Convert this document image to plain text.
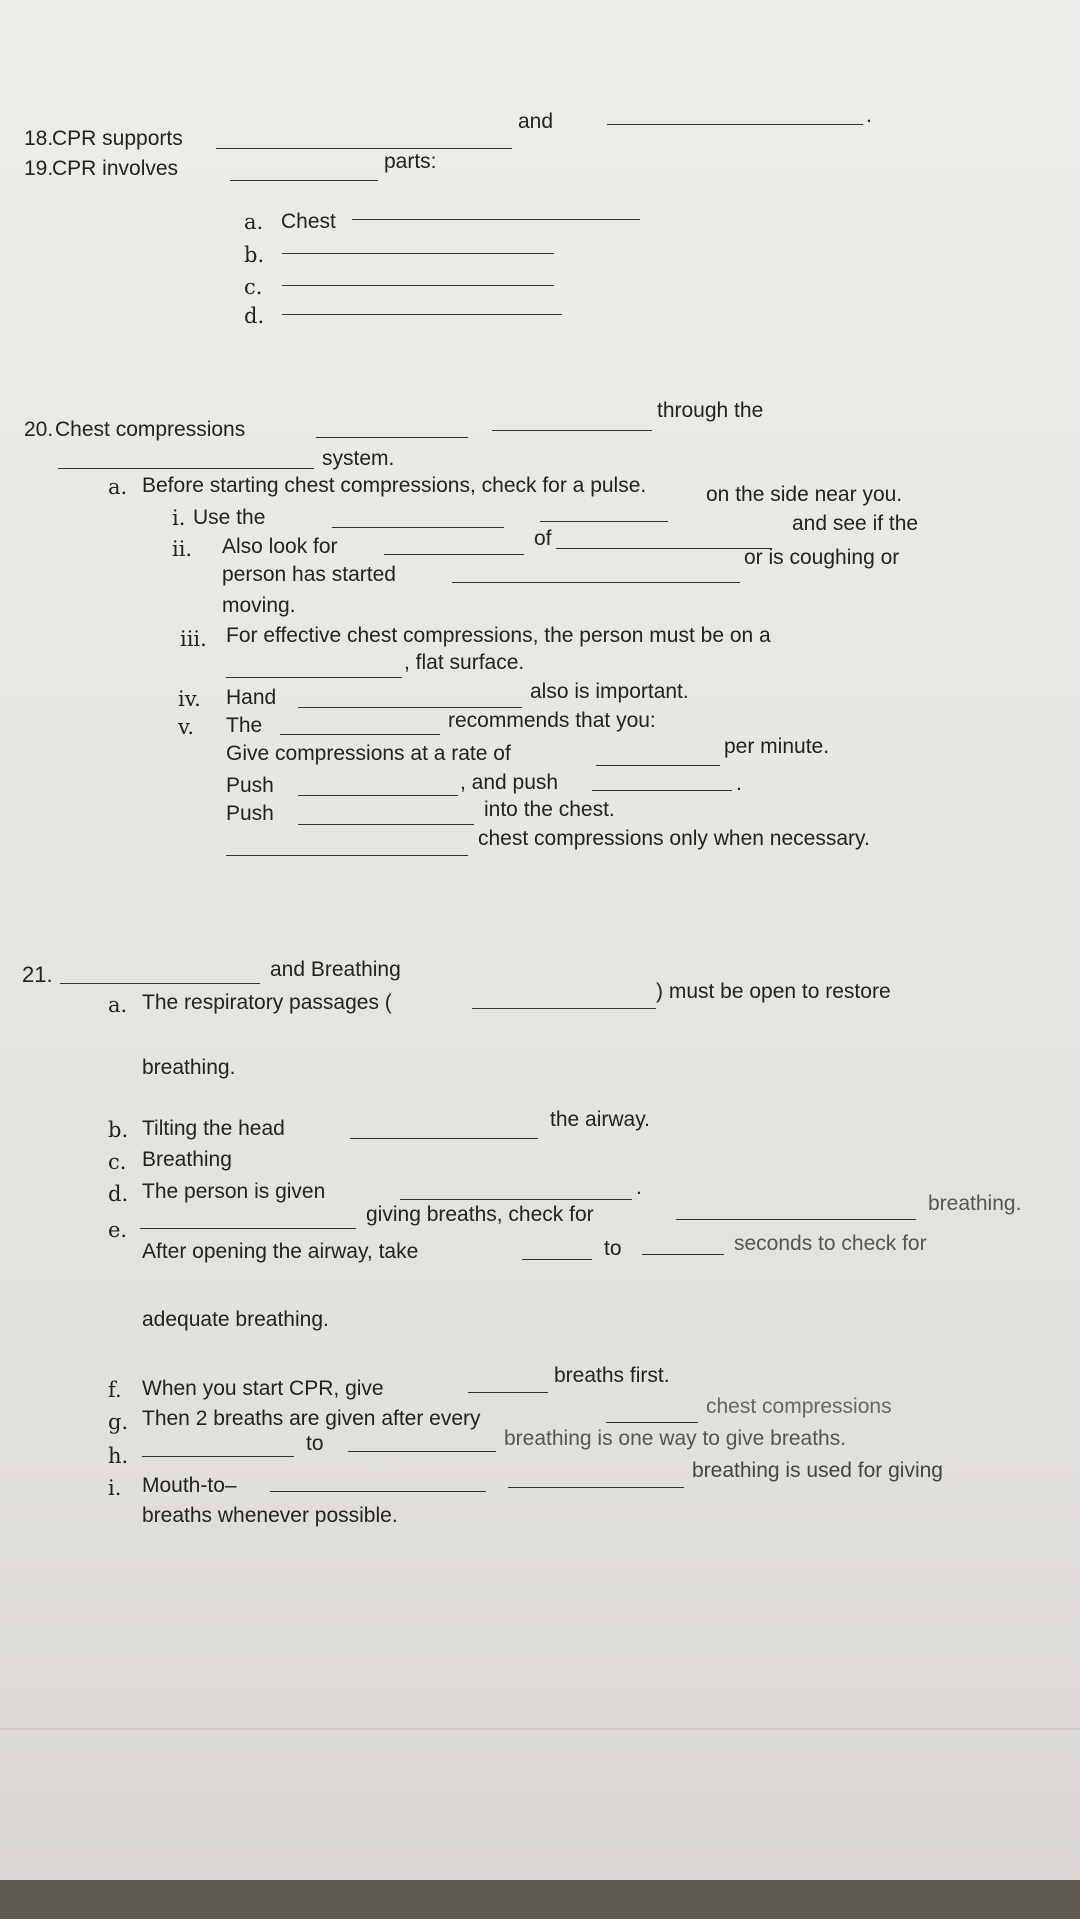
18.
CPR supports
and	.
19.
CPR involves	parts:
a. Chest
b.
c.
d.
20. Chest compressions
through the
system.
a. Before starting chest compressions, check for a pulse.
i. Use the
on the side near you.
ii. Also look for	of
and see if the
person has started
or is coughing or
moving.
iii. For effective chest compressions, the person must be on a
, flat surface.
iv. Hand	also is important.
v. The	recommends that you:
Give compressions at a rate of	per minute.
Push	, and push	.
Push	into the chest.
chest compressions only when necessary.
21.	and Breathing
a. The respiratory passages (	) must be open to restore
breathing.
b. Tilting the head	the airway.
c. Breathing
d. The person is given	.
e.
giving breaths, check for	breathing.
After opening the airway, take	to	seconds to check for
adequate breathing.
f. When you start CPR, give
breaths first.
g. Then 2 breaths are given after every
chest compressions
h.
to	breathing is one way to give breaths.
i. Mouth-to–
breathing is used for giving
breaths whenever possible.
